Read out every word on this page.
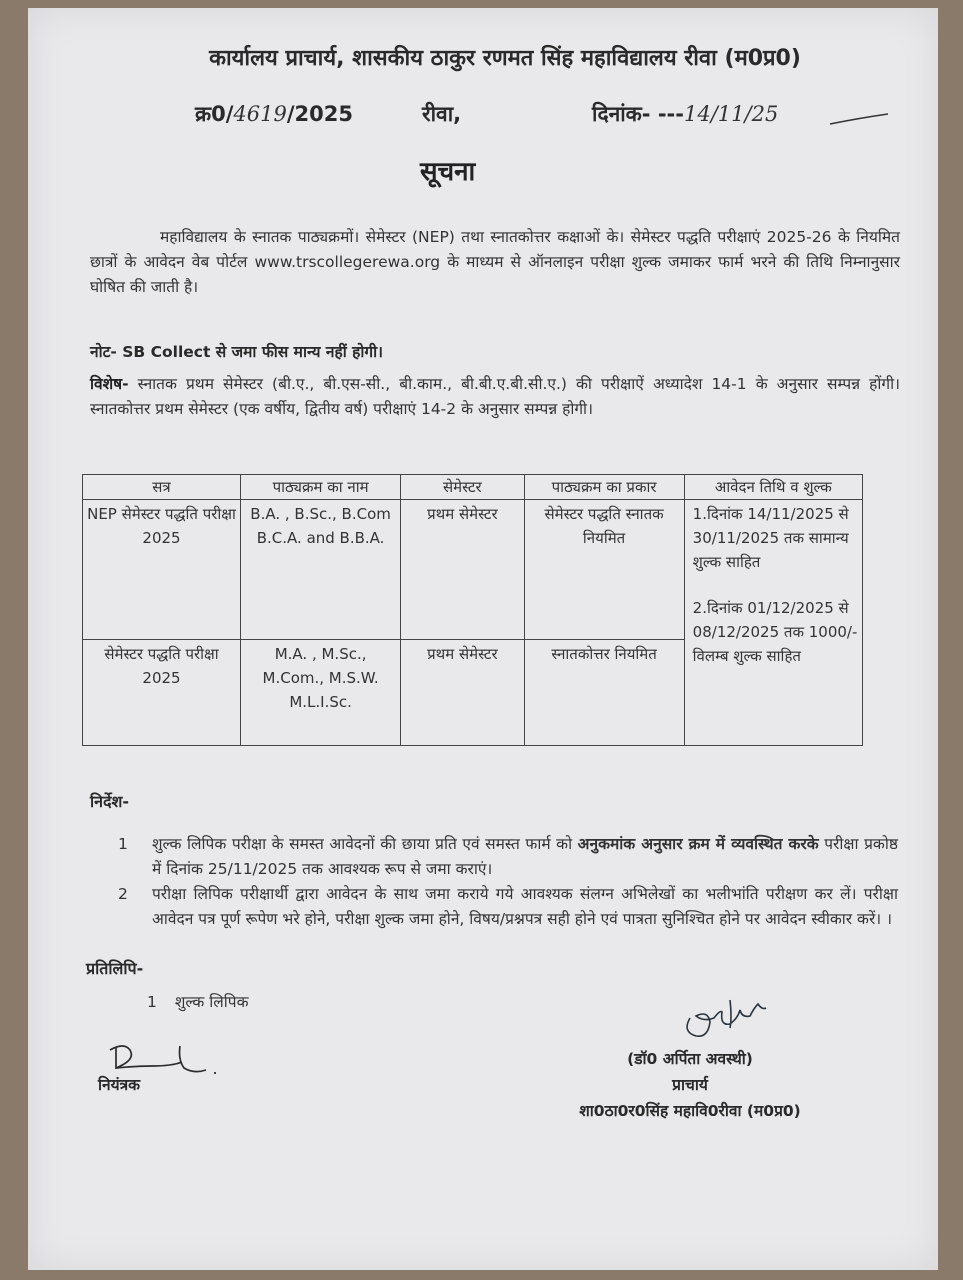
कार्यालय प्राचार्य, शासकीय ठाकुर रणमत सिंह महाविद्यालय रीवा (म0प्र0)
क्र0/4619/2025	रीवा,	दिनांक- ---14/11/25
सूचना
महाविद्यालय के स्नातक पाठ्यक्रमों। सेमेस्टर (NEP) तथा स्नातकोत्तर कक्षाओं के। सेमेस्टर पद्धति परीक्षाएं 2025-26 के नियमित छात्रों के आवेदन वेब पोर्टल www.trscollegerewa.org के माध्यम से ऑनलाइन परीक्षा शुल्क जमाकर फार्म भरने की तिथि निम्नानुसार घोषित की जाती है।
नोट- SB Collect से जमा फीस मान्य नहीं होगी।
विशेष- स्नातक प्रथम सेमेस्टर (बी.ए., बी.एस-सी., बी.काम., बी.बी.ए.बी.सी.ए.) की परीक्षाऐं अध्यादेश 14-1 के अनुसार सम्पन्न होंगी। स्नातकोत्तर प्रथम सेमेस्टर (एक वर्षीय, द्वितीय वर्ष) परीक्षाएं 14-2 के अनुसार सम्पन्न होगी।
सत्र	पाठ्यक्रम का नाम	सेमेस्टर	पाठ्यक्रम का प्रकार	आवेदन तिथि व शुल्क
NEP सेमेस्टर पद्धति परीक्षा 2025	B.A. , B.Sc., B.Com B.C.A. and B.B.A.	प्रथम सेमेस्टर	सेमेस्टर पद्धति स्नातक नियमित	1.दिनांक 14/11/2025 से 30/11/2025 तक सामान्य शुल्क साहित
2.दिनांक 01/12/2025 से 08/12/2025 तक 1000/- विलम्ब शुल्क साहित

सेमेस्टर पद्धति परीक्षा 2025	M.A. , M.Sc., M.Com., M.S.W. M.L.I.Sc.	प्रथम सेमेस्टर	स्नातकोत्तर नियमित	
निर्देश-
1 शुल्क लिपिक परीक्षा के समस्त आवेदनों की छाया प्रति एवं समस्त फार्म को अनुकमांक अनुसार क्रम में व्यवस्थित करके परीक्षा प्रकोष्ठ में दिनांक 25/11/2025 तक आवश्यक रूप से जमा कराएं।
2 परीक्षा लिपिक परीक्षार्थी द्वारा आवेदन के साथ जमा कराये गये आवश्यक संलग्न अभिलेखों का भलीभांति परीक्षण कर लें। परीक्षा आवेदन पत्र पूर्ण रूपेण भरे होने, परीक्षा शुल्क जमा होने, विषय/प्रश्नपत्र सही होने एवं पात्रता सुनिश्चित होने पर आवेदन स्वीकार करें। ।
प्रतिलिपि-
1 शुल्क लिपिक
नियंत्रक
(डॉ0 अर्पिता अवस्थी)
प्राचार्य
शा0ठा0र0सिंह महावि0रीवा (म0प्र0)
